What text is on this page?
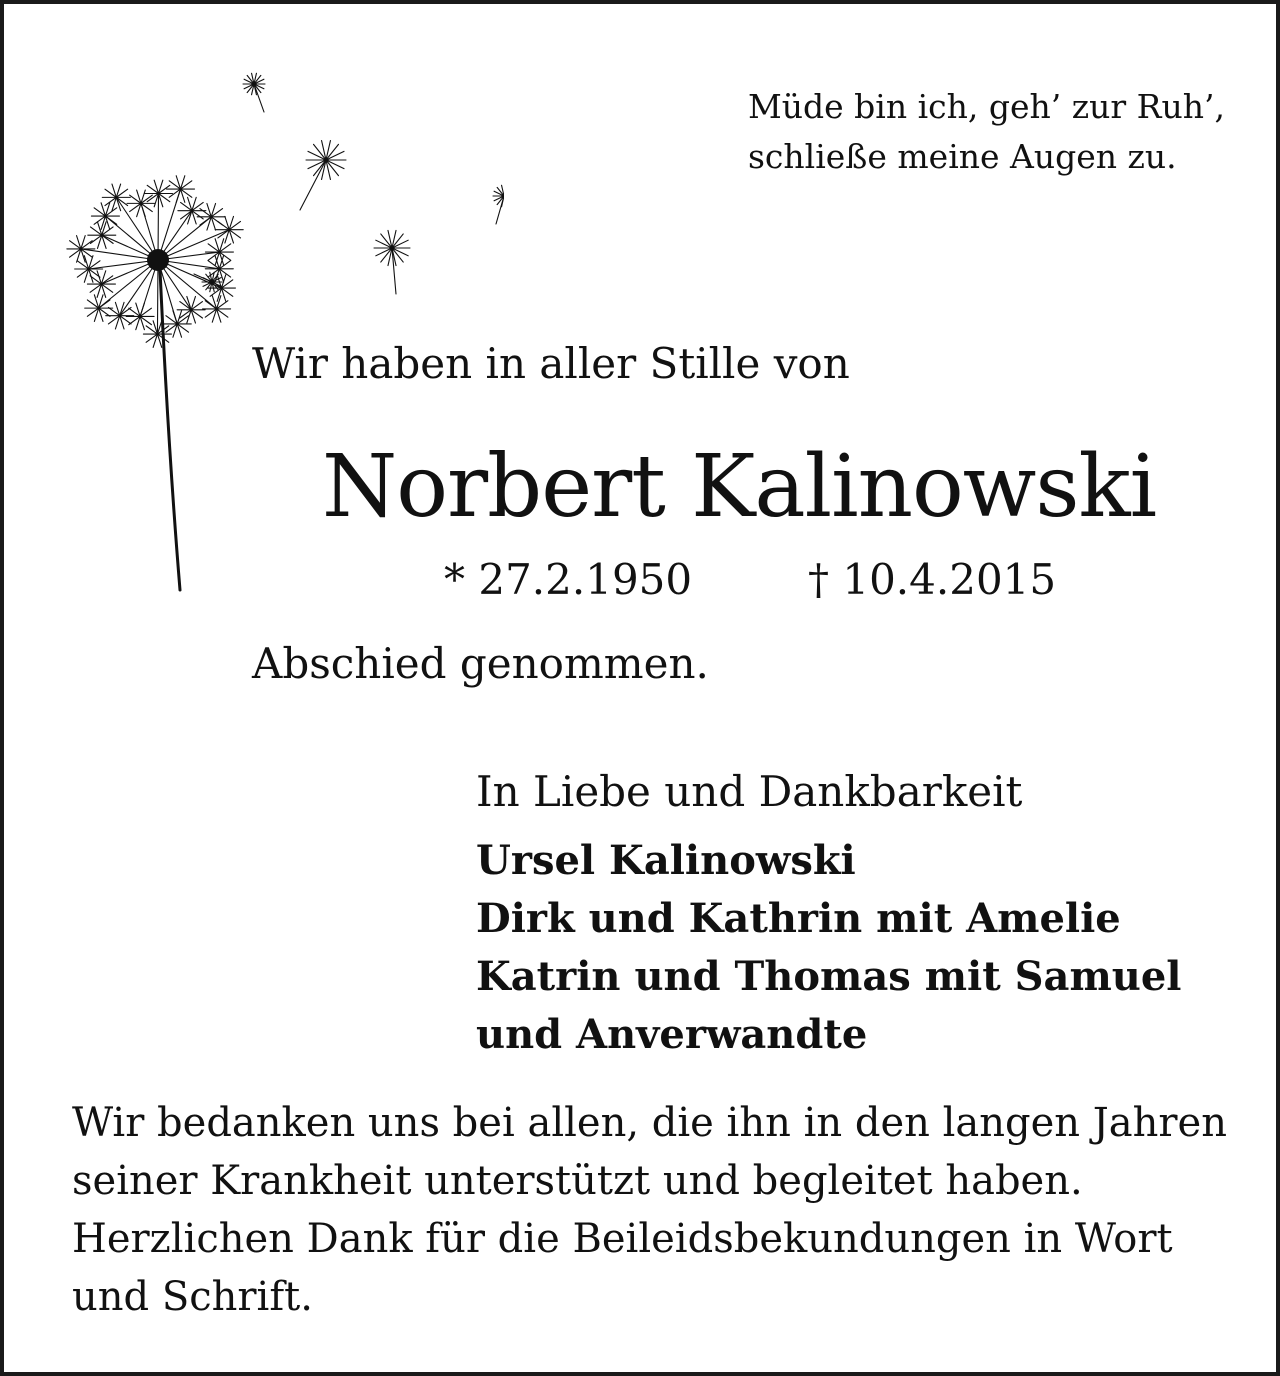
Müde bin ich, geh’ zur Ruh’,
schließe meine Augen zu.
Wir haben in aller Stille von
Norbert Kalinowski
* 27.2.1950	† 10.4.2015
Abschied genommen.
In Liebe und Dankbarkeit
Ursel Kalinowski
Dirk und Kathrin mit Amelie
Katrin und Thomas mit Samuel
und Anverwandte
Wir bedanken uns bei allen, die ihn in den langen Jahren
seiner Krankheit unterstützt und begleitet haben.
Herzlichen Dank für die Beileidsbekundungen in Wort
und Schrift.
